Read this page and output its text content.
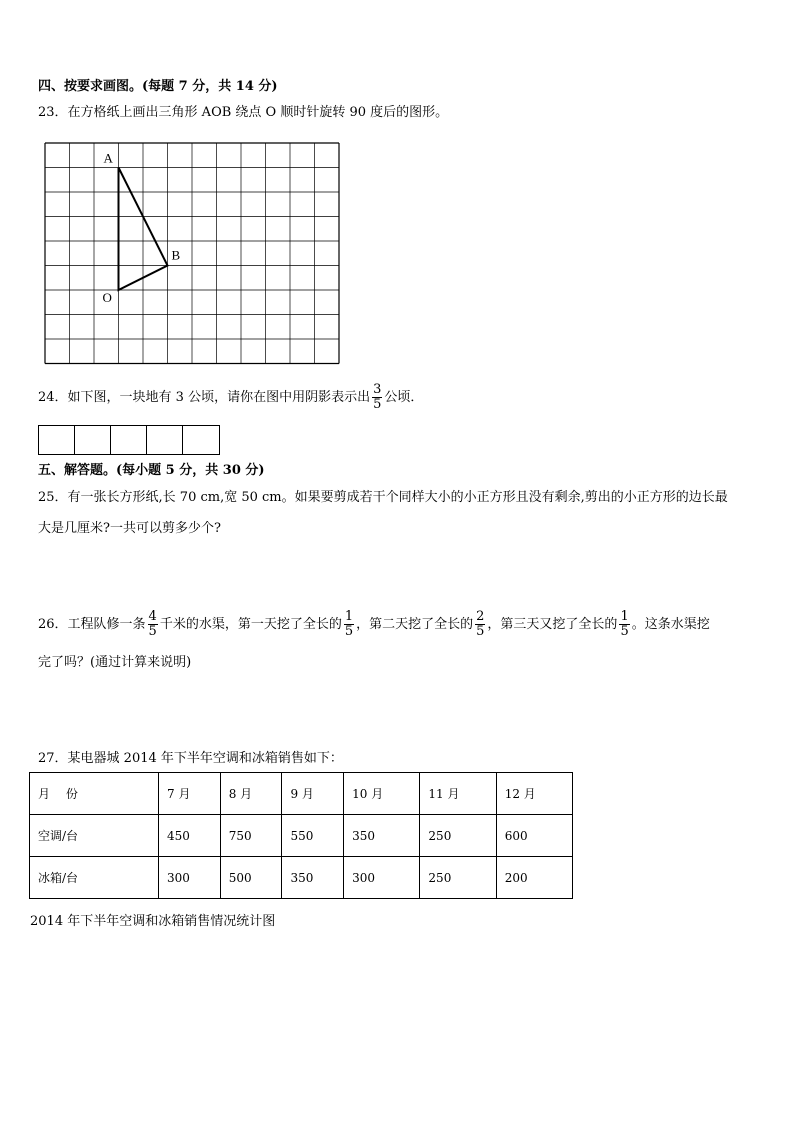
四、按要求画图。(每题 7 分，共 14 分)
23．在方格纸上画出三角形 AOB 绕点 O 顺时针旋转 90 度后的图形。
A
B
O
24．如下图，一块地有 3 公顷，请你在图中用阴影表示出 $\frac{3}{5}$ 公顷．
五、解答题。(每小题 5 分，共 30 分)
25．有一张长方形纸,长 70 cm,宽 50 cm。如果要剪成若干个同样大小的小正方形且没有剩余,剪出的小正方形的边长最
大是几厘米?一共可以剪多少个?
26．工程队修一条 $\frac{4}{5}$ 千米的水渠，第一天挖了全长的 $\frac{1}{5}$ ，第二天挖了全长的 $\frac{2}{5}$ ，第三天又挖了全长的 $\frac{1}{5}$ 。这条水渠挖
完了吗？(通过计算来说明)
27．某电器城 2014 年下半年空调和冰箱销售如下：
月　 份	7 月	8 月	9 月	10 月	11 月	12 月
空调/台	450	750	550	350	250	600
冰箱/台	300	500	350	300	250	200
2014 年下半年空调和冰箱销售情况统计图
